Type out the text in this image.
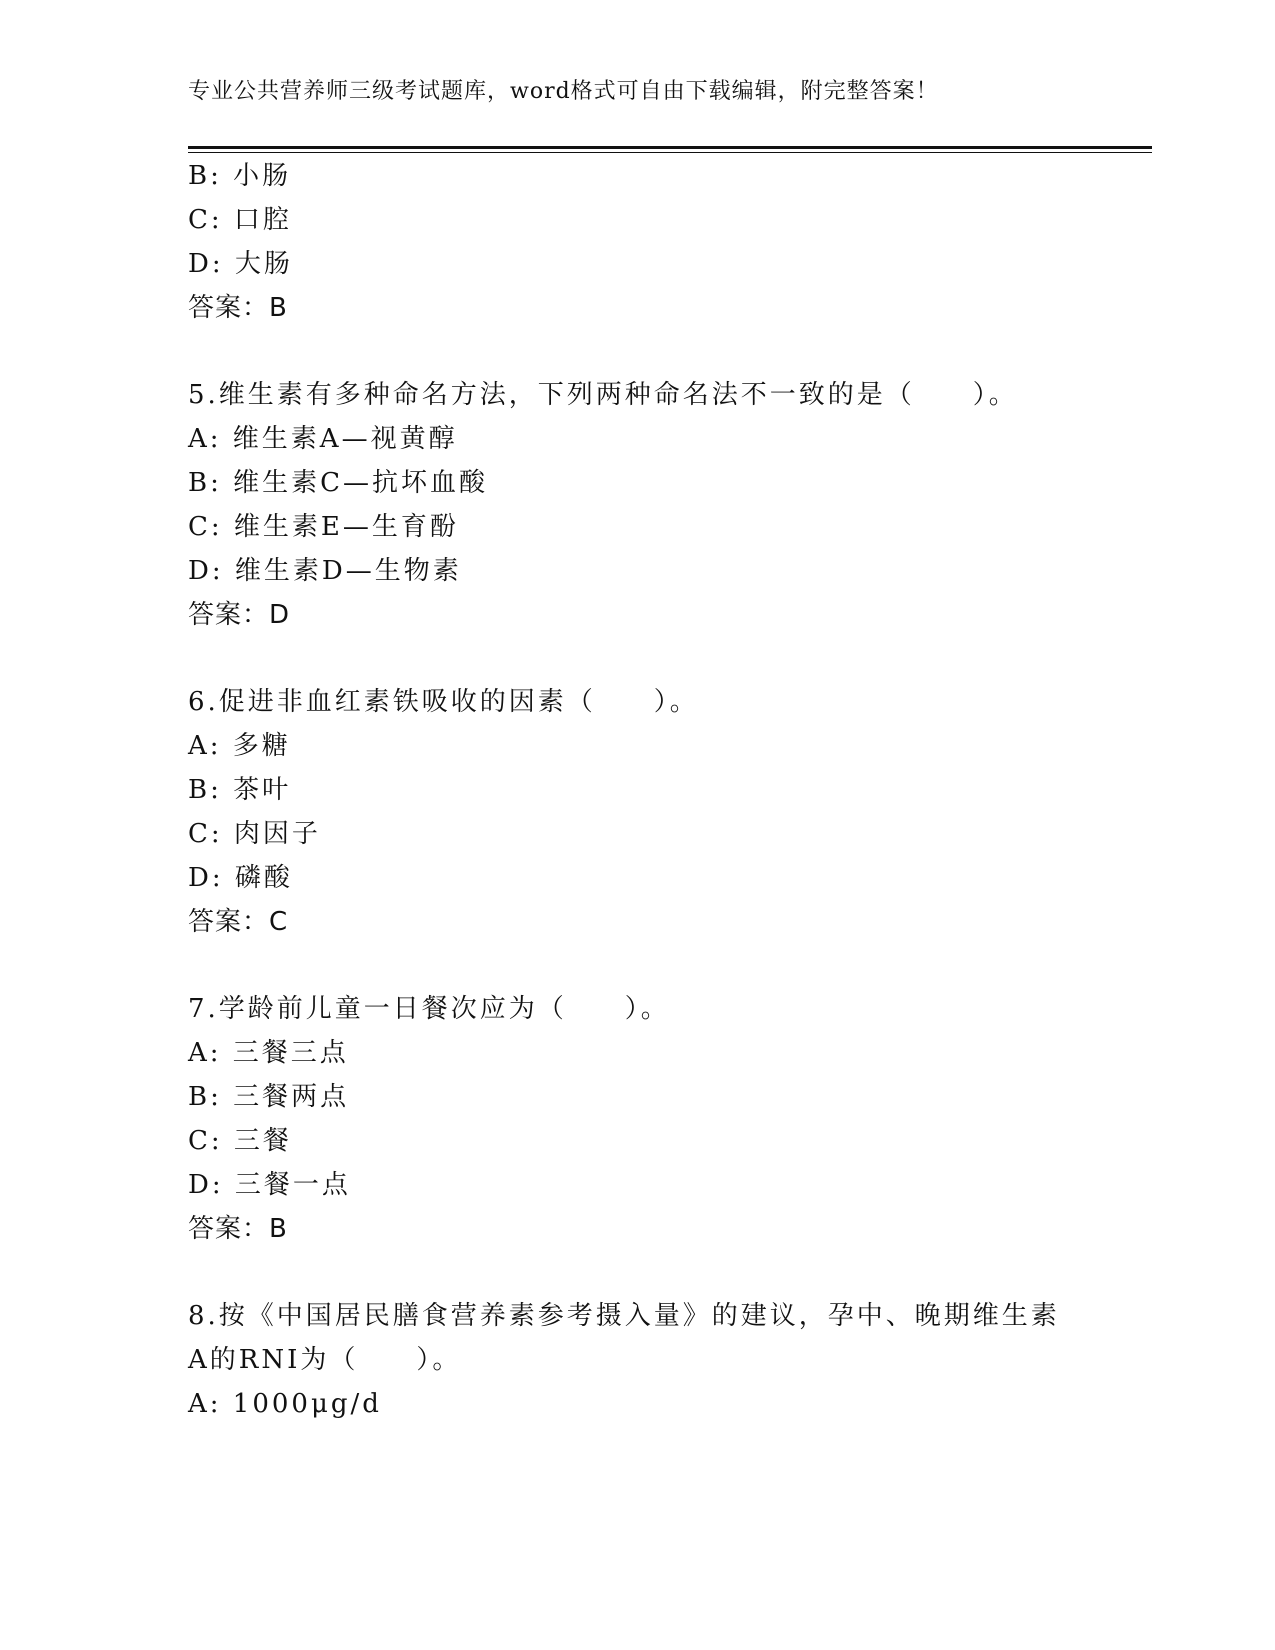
专业公共营养师三级考试题库，word格式可自由下载编辑，附完整答案！
B: 小肠
C: 口腔
D: 大肠
答案：B
5.维生素有多种命名方法，下列两种命名法不一致的是（　　）。
A: 维生素A—视黄醇
B: 维生素C—抗坏血酸
C: 维生素E—生育酚
D: 维生素D—生物素
答案：D
6.促进非血红素铁吸收的因素（　　）。
A: 多糖
B: 茶叶
C: 肉因子
D: 磷酸
答案：C
7.学龄前儿童一日餐次应为（　　）。
A: 三餐三点
B: 三餐两点
C: 三餐
D: 三餐一点
答案：B
8.按《中国居民膳食营养素参考摄入量》的建议，孕中、晚期维生素
A的RNI为（　　）。
A: 1000μg/d
